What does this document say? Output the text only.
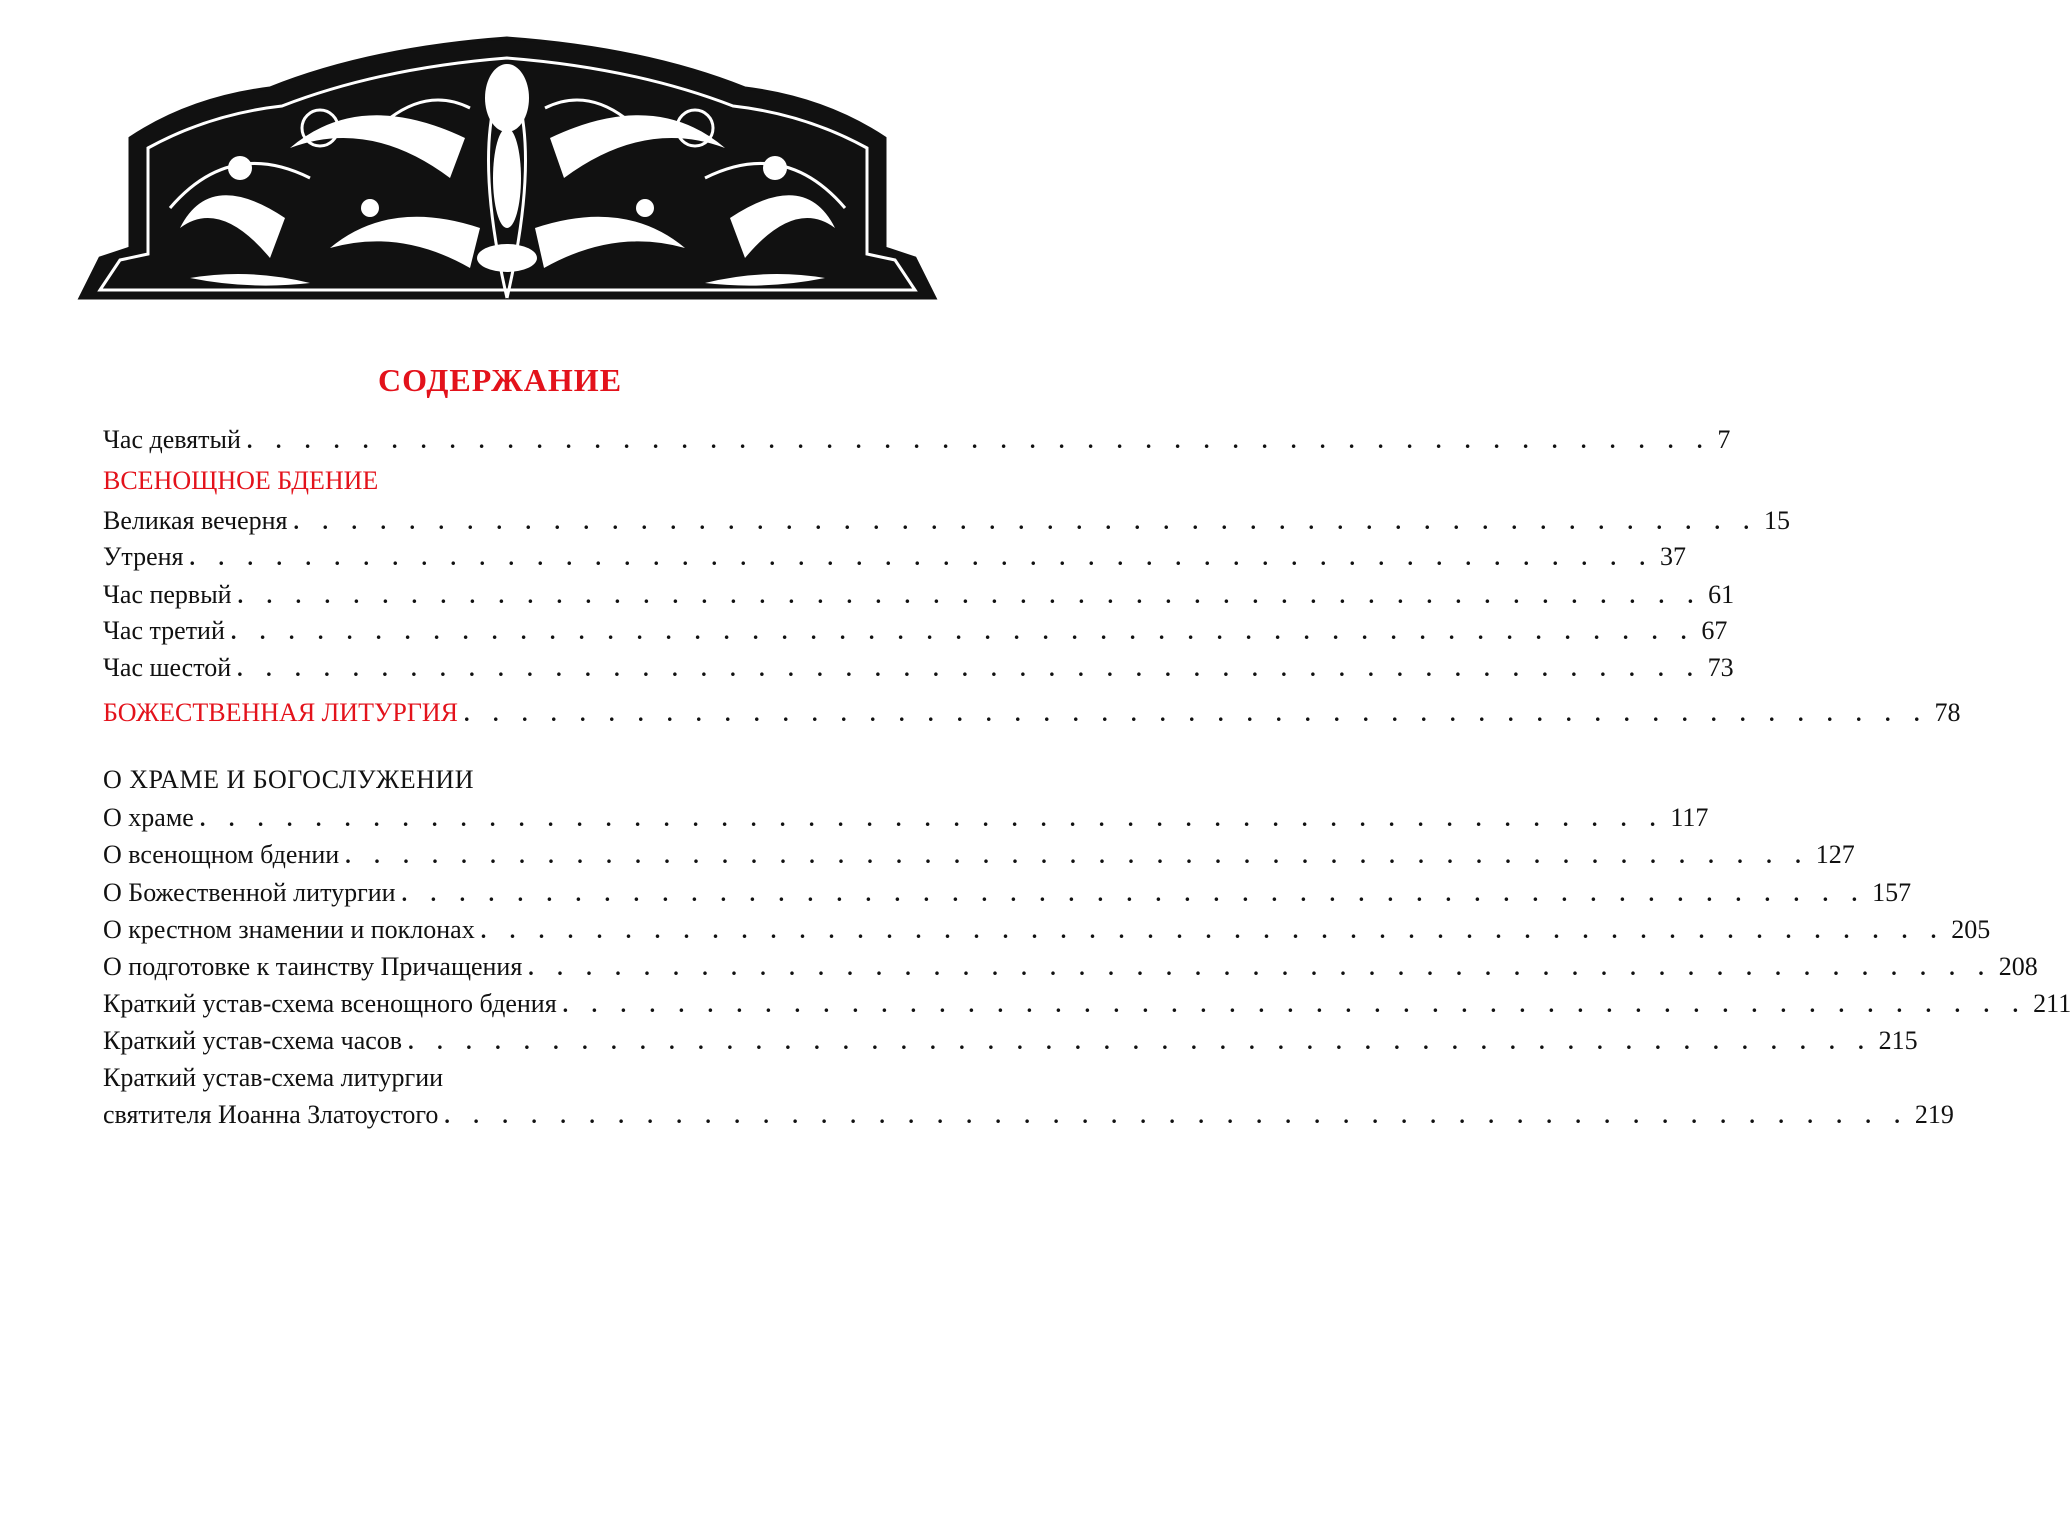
СОДЕРЖАНИЕ
Час девятый . . . . . . . . . . . . . . . . . . . . . . . . . . . . . . . . . . . . . . . . . . . . . . . . . . . 7
ВСЕНОЩНОЕ БДЕНИЕ
Великая вечерня . . . . . . . . . . . . . . . . . . . . . . . . . . . . . . . . . . . . . . . . . . . . . . . . . . . 15
Утреня . . . . . . . . . . . . . . . . . . . . . . . . . . . . . . . . . . . . . . . . . . . . . . . . . . . 37
Час первый . . . . . . . . . . . . . . . . . . . . . . . . . . . . . . . . . . . . . . . . . . . . . . . . . . . 61
Час третий . . . . . . . . . . . . . . . . . . . . . . . . . . . . . . . . . . . . . . . . . . . . . . . . . . . 67
Час шестой . . . . . . . . . . . . . . . . . . . . . . . . . . . . . . . . . . . . . . . . . . . . . . . . . . . 73
БОЖЕСТВЕННАЯ ЛИТУРГИЯ . . . . . . . . . . . . . . . . . . . . . . . . . . . . . . . . . . . . . . . . . . . . . . . . . . . 78
О ХРАМЕ И БОГОСЛУЖЕНИИ
О храме . . . . . . . . . . . . . . . . . . . . . . . . . . . . . . . . . . . . . . . . . . . . . . . . . . . 117
О всенощном бдении . . . . . . . . . . . . . . . . . . . . . . . . . . . . . . . . . . . . . . . . . . . . . . . . . . . 127
О Божественной литургии . . . . . . . . . . . . . . . . . . . . . . . . . . . . . . . . . . . . . . . . . . . . . . . . . . . 157
О крестном знамении и поклонах . . . . . . . . . . . . . . . . . . . . . . . . . . . . . . . . . . . . . . . . . . . . . . . . . . . 205
О подготовке к таинству Причащения . . . . . . . . . . . . . . . . . . . . . . . . . . . . . . . . . . . . . . . . . . . . . . . . . . . 208
Краткий устав-схема всенощного бдения . . . . . . . . . . . . . . . . . . . . . . . . . . . . . . . . . . . . . . . . . . . . . . . . . . . 211
Краткий устав-схема часов . . . . . . . . . . . . . . . . . . . . . . . . . . . . . . . . . . . . . . . . . . . . . . . . . . . 215
Краткий устав-схема литургии
святителя Иоанна Златоустого . . . . . . . . . . . . . . . . . . . . . . . . . . . . . . . . . . . . . . . . . . . . . . . . . . . 219
